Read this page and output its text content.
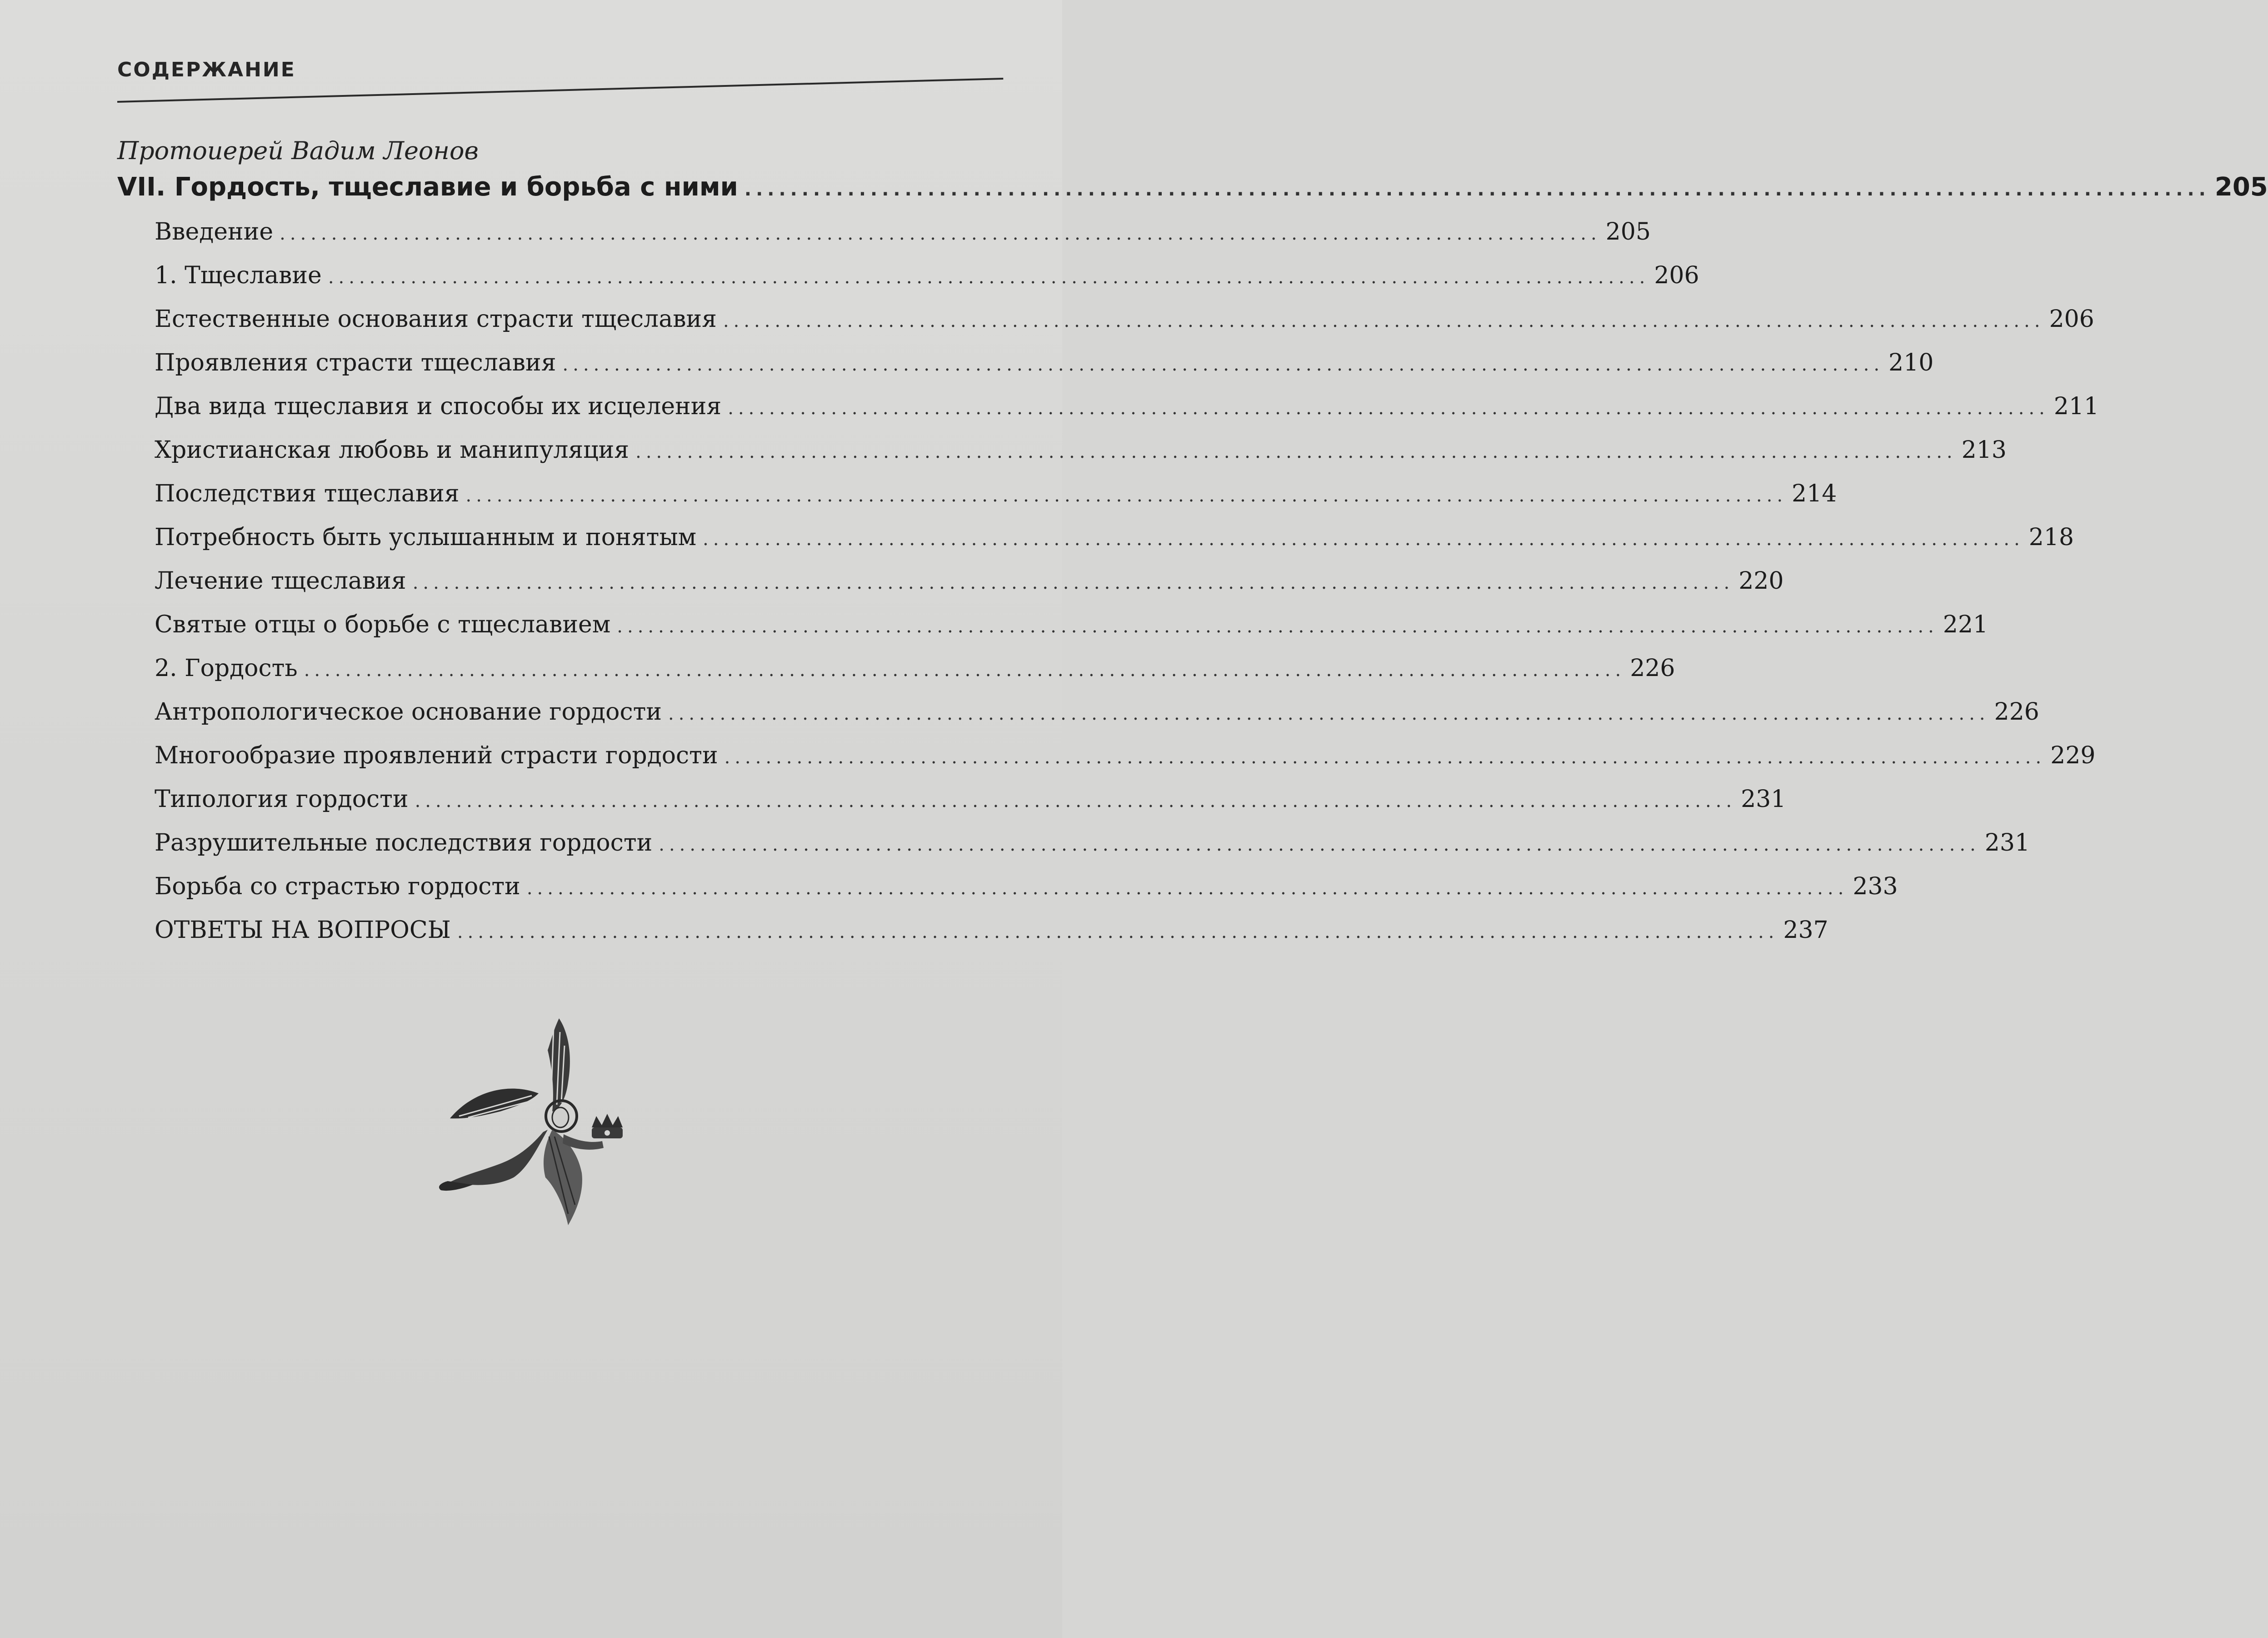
СОДЕРЖАНИЕ
Протоиерей Вадим Леонов
VII. Гордость, тщеславие и борьба с ними ................................................................................................................................ 205
Введение ................................................................................................................................ 205
1. Тщеславие ................................................................................................................................ 206
Естественные основания страсти тщеславия ................................................................................................................................ 206
Проявления страсти тщеславия ................................................................................................................................ 210
Два вида тщеславия и способы их исцеления ................................................................................................................................ 211
Христианская любовь и манипуляция ................................................................................................................................ 213
Последствия тщеславия ................................................................................................................................ 214
Потребность быть услышанным и понятым ................................................................................................................................ 218
Лечение тщеславия ................................................................................................................................ 220
Святые отцы о борьбе с тщеславием ................................................................................................................................ 221
2. Гордость ................................................................................................................................ 226
Антропологическое основание гордости ................................................................................................................................ 226
Многообразие проявлений страсти гордости ................................................................................................................................ 229
Типология гордости ................................................................................................................................ 231
Разрушительные последствия гордости ................................................................................................................................ 231
Борьба со страстью гордости ................................................................................................................................ 233
ОТВЕТЫ НА ВОПРОСЫ ................................................................................................................................ 237
